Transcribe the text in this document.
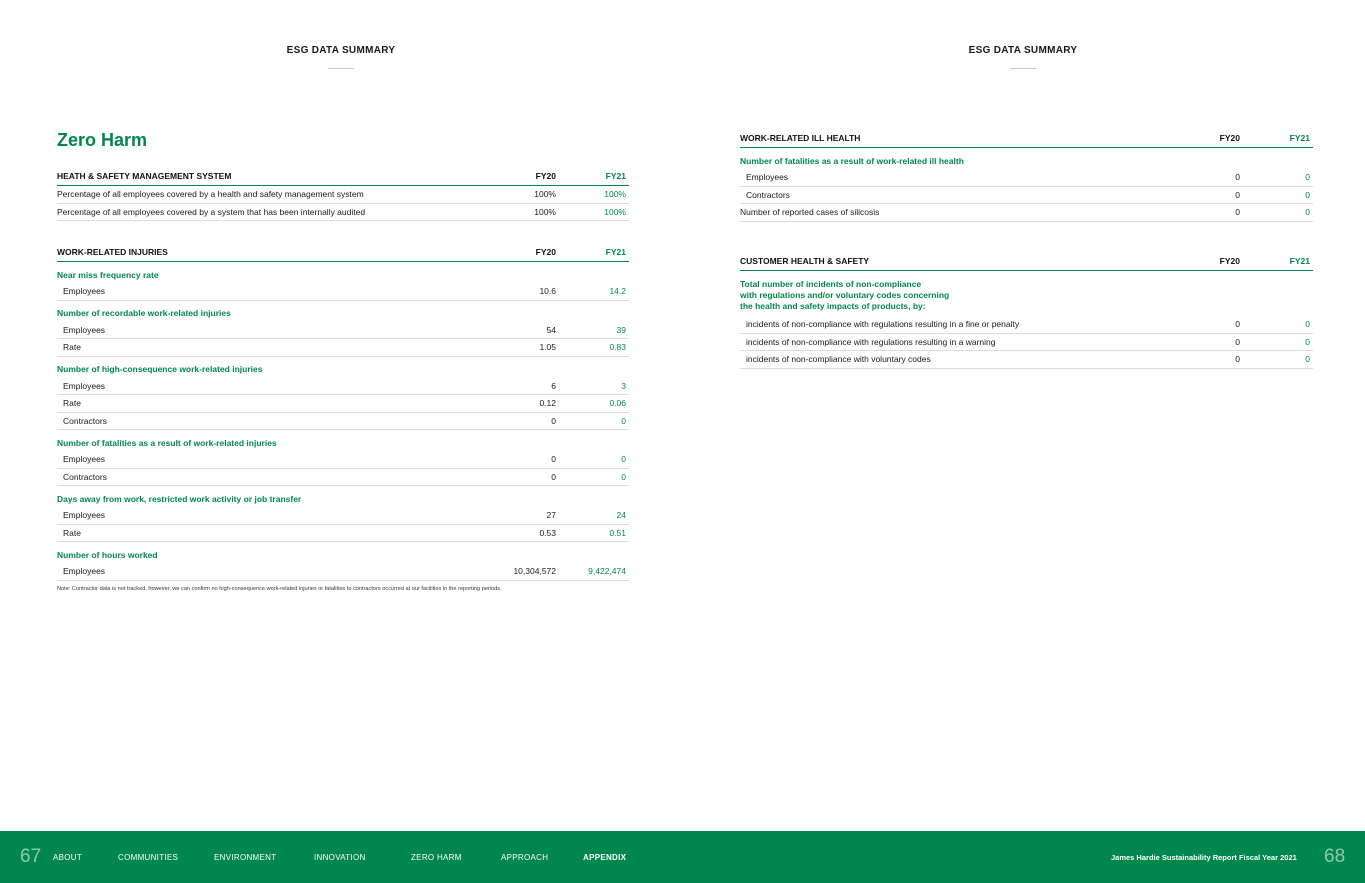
ESG DATA SUMMARY	ESG DATA SUMMARY
Zero Harm
HEATH & SAFETY MANAGEMENT SYSTEM	FY20	FY21
Percentage of all employees covered by a health and safety management system	100%	100%
Percentage of all employees covered by a system that has been internally audited	100%	100%
WORK-RELATED INJURIES	FY20	FY21
Near miss frequency rate		
Employees	10.6	14.2
Number of recordable work-related injuries		
Employees	54	39
Rate	1.05	0.83
Number of high-consequence work-related injuries		
Employees	6	3
Rate	0.12	0.06
Contractors	0	0
Number of fatalities as a result of work-related injuries		
Employees	0	0
Contractors	0	0
Days away from work, restricted work activity or job transfer		
Employees	27	24
Rate	0.53	0.51
Number of hours worked		
Employees	10,304,572	9,422,474
Note: Contractor data is not tracked, however, we can confirm no high-consequence work-related injuries or fatalities to contractors occurred at our facilities in the reporting periods.
WORK-RELATED ILL HEALTH	FY20	FY21
Number of fatalities as a result of work-related ill health		
Employees	0	0
Contractors	0	0
Number of reported cases of silicosis	0	0
CUSTOMER HEALTH & SAFETY	FY20	FY21

Total number of incidents of non-compliance
with regulations and/or voluntary codes concerning
the health and safety impacts of products, by:		

incidents of non-compliance with regulations resulting in a fine or penalty	0	0
incidents of non-compliance with regulations resulting in a warning	0	0
incidents of non-compliance with voluntary codes	0	0
67 ABOUT	COMMUNITIES	ENVIRONMENT	INNOVATION	ZERO HARM	APPROACH	APPENDIX	James Hardie Sustainability Report Fiscal Year 2021 68
